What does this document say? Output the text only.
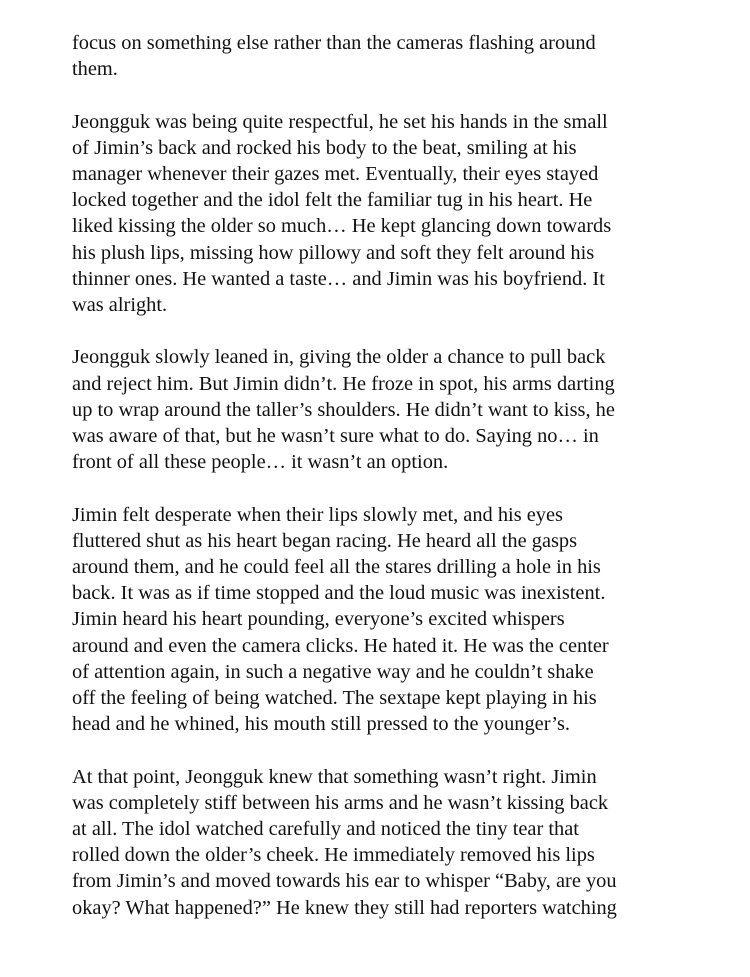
focus on something else rather than the cameras flashing around
them.

Jeongguk was being quite respectful, he set his hands in the small
of Jimin’s back and rocked his body to the beat, smiling at his
manager whenever their gazes met. Eventually, their eyes stayed
locked together and the idol felt the familiar tug in his heart. He
liked kissing the older so much… He kept glancing down towards
his plush lips, missing how pillowy and soft they felt around his
thinner ones. He wanted a taste… and Jimin was his boyfriend. It
was alright.

Jeongguk slowly leaned in, giving the older a chance to pull back
and reject him. But Jimin didn’t. He froze in spot, his arms darting
up to wrap around the taller’s shoulders. He didn’t want to kiss, he
was aware of that, but he wasn’t sure what to do. Saying no… in
front of all these people… it wasn’t an option.

Jimin felt desperate when their lips slowly met, and his eyes
fluttered shut as his heart began racing. He heard all the gasps
around them, and he could feel all the stares drilling a hole in his
back. It was as if time stopped and the loud music was inexistent.
Jimin heard his heart pounding, everyone’s excited whispers
around and even the camera clicks. He hated it. He was the center
of attention again, in such a negative way and he couldn’t shake
off the feeling of being watched. The sextape kept playing in his
head and he whined, his mouth still pressed to the younger’s.

At that point, Jeongguk knew that something wasn’t right. Jimin
was completely stiff between his arms and he wasn’t kissing back
at all. The idol watched carefully and noticed the tiny tear that
rolled down the older’s cheek. He immediately removed his lips
from Jimin’s and moved towards his ear to whisper “Baby, are you
okay? What happened?” He knew they still had reporters watching
